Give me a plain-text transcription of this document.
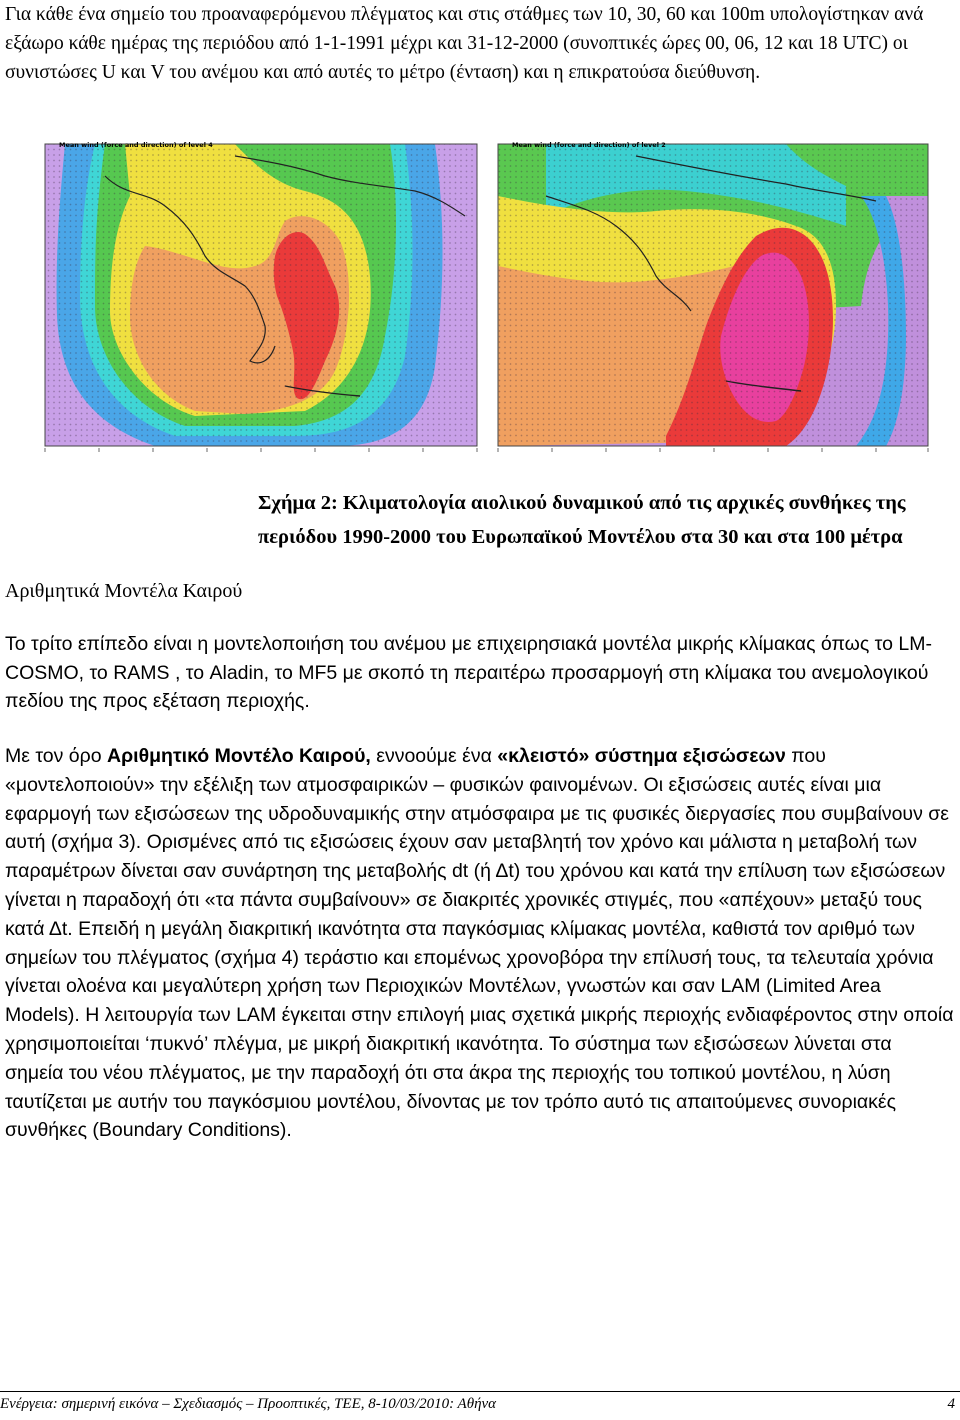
Για κάθε ένα σημείο του προαναφερόμενου πλέγματος και στις στάθμες των 10, 30, 60 και 100m υπολογίστηκαν ανά εξάωρο κάθε ημέρας της περιόδου από 1-1-1991 μέχρι και 31-12-2000 (συνοπτικές ώρες 00, 06, 12 και 18 UTC) οι συνιστώσες U και V του ανέμου και από αυτές το μέτρο (ένταση) και η επικρατούσα διεύθυνση.

Mean wind (force and direction) of level 4	Mean wind (force and direction) of level 2
Σχήμα 2: Κλιματολογία αιολικού δυναμικού από τις αρχικές συνθήκες της περιόδου 1990-2000 του Ευρωπαϊκού Μοντέλου στα 30 και στα 100 μέτρα
Αριθμητικά Μοντέλα Καιρού

Το τρίτο επίπεδο είναι η μοντελοποιήση του ανέμου με επιχειρησιακά μοντέλα μικρής κλίμακας όπως το LM-COSMO, το RAMS , το Aladin, το MF5 με σκοπό τη περαιτέρω προσαρμογή στη κλίμακα του ανεμολογικού πεδίου της προς εξέταση περιοχής.

Με τον όρο Αριθμητικό Μοντέλο Καιρού, εννοούμε ένα «κλειστό» σύστημα εξισώσεων που «μοντελοποιούν» την εξέλιξη των ατμοσφαιρικών – φυσικών φαινομένων. Οι εξισώσεις αυτές είναι μια εφαρμογή των εξισώσεων της υδροδυναμικής στην ατμόσφαιρα με τις φυσικές διεργασίες που συμβαίνουν σε αυτή (σχήμα 3). Ορισμένες από τις εξισώσεις έχουν σαν μεταβλητή τον χρόνο και μάλιστα η μεταβολή των παραμέτρων δίνεται σαν συνάρτηση της μεταβολής dt (ή Δt) του χρόνου και κατά την επίλυση των εξισώσεων γίνεται η παραδοχή ότι «τα πάντα συμβαίνουν» σε διακριτές χρονικές στιγμές, που «απέχουν» μεταξύ τους κατά Δt. Επειδή η μεγάλη διακριτική ικανότητα στα παγκόσμιας κλίμακας μοντέλα, καθιστά τον αριθμό των σημείων του πλέγματος (σχήμα 4) τεράστιο και επομένως χρονοβόρα την επίλυσή τους, τα τελευταία χρόνια γίνεται ολοένα και μεγαλύτερη χρήση των Περιοχικών Μοντέλων, γνωστών και σαν LAM (Limited Area Models). Η λειτουργία των LAM έγκειται στην επιλογή μιας σχετικά μικρής περιοχής ενδιαφέροντος στην οποία χρησιμοποιείται ‘πυκνό’ πλέγμα, με μικρή διακριτική ικανότητα. Το σύστημα των εξισώσεων λύνεται στα σημεία του νέου πλέγματος, με την παραδοχή ότι στα άκρα της περιοχής του τοπικού μοντέλου, η λύση ταυτίζεται με αυτήν του παγκόσμιου μοντέλου, δίνοντας με τον τρόπο αυτό τις απαιτούμενες συνοριακές συνθήκες (Boundary Conditions).

Ενέργεια: σημερινή εικόνα – Σχεδιασμός – Προοπτικές, ΤΕΕ, 8-10/03/2010: Αθήνα	4
